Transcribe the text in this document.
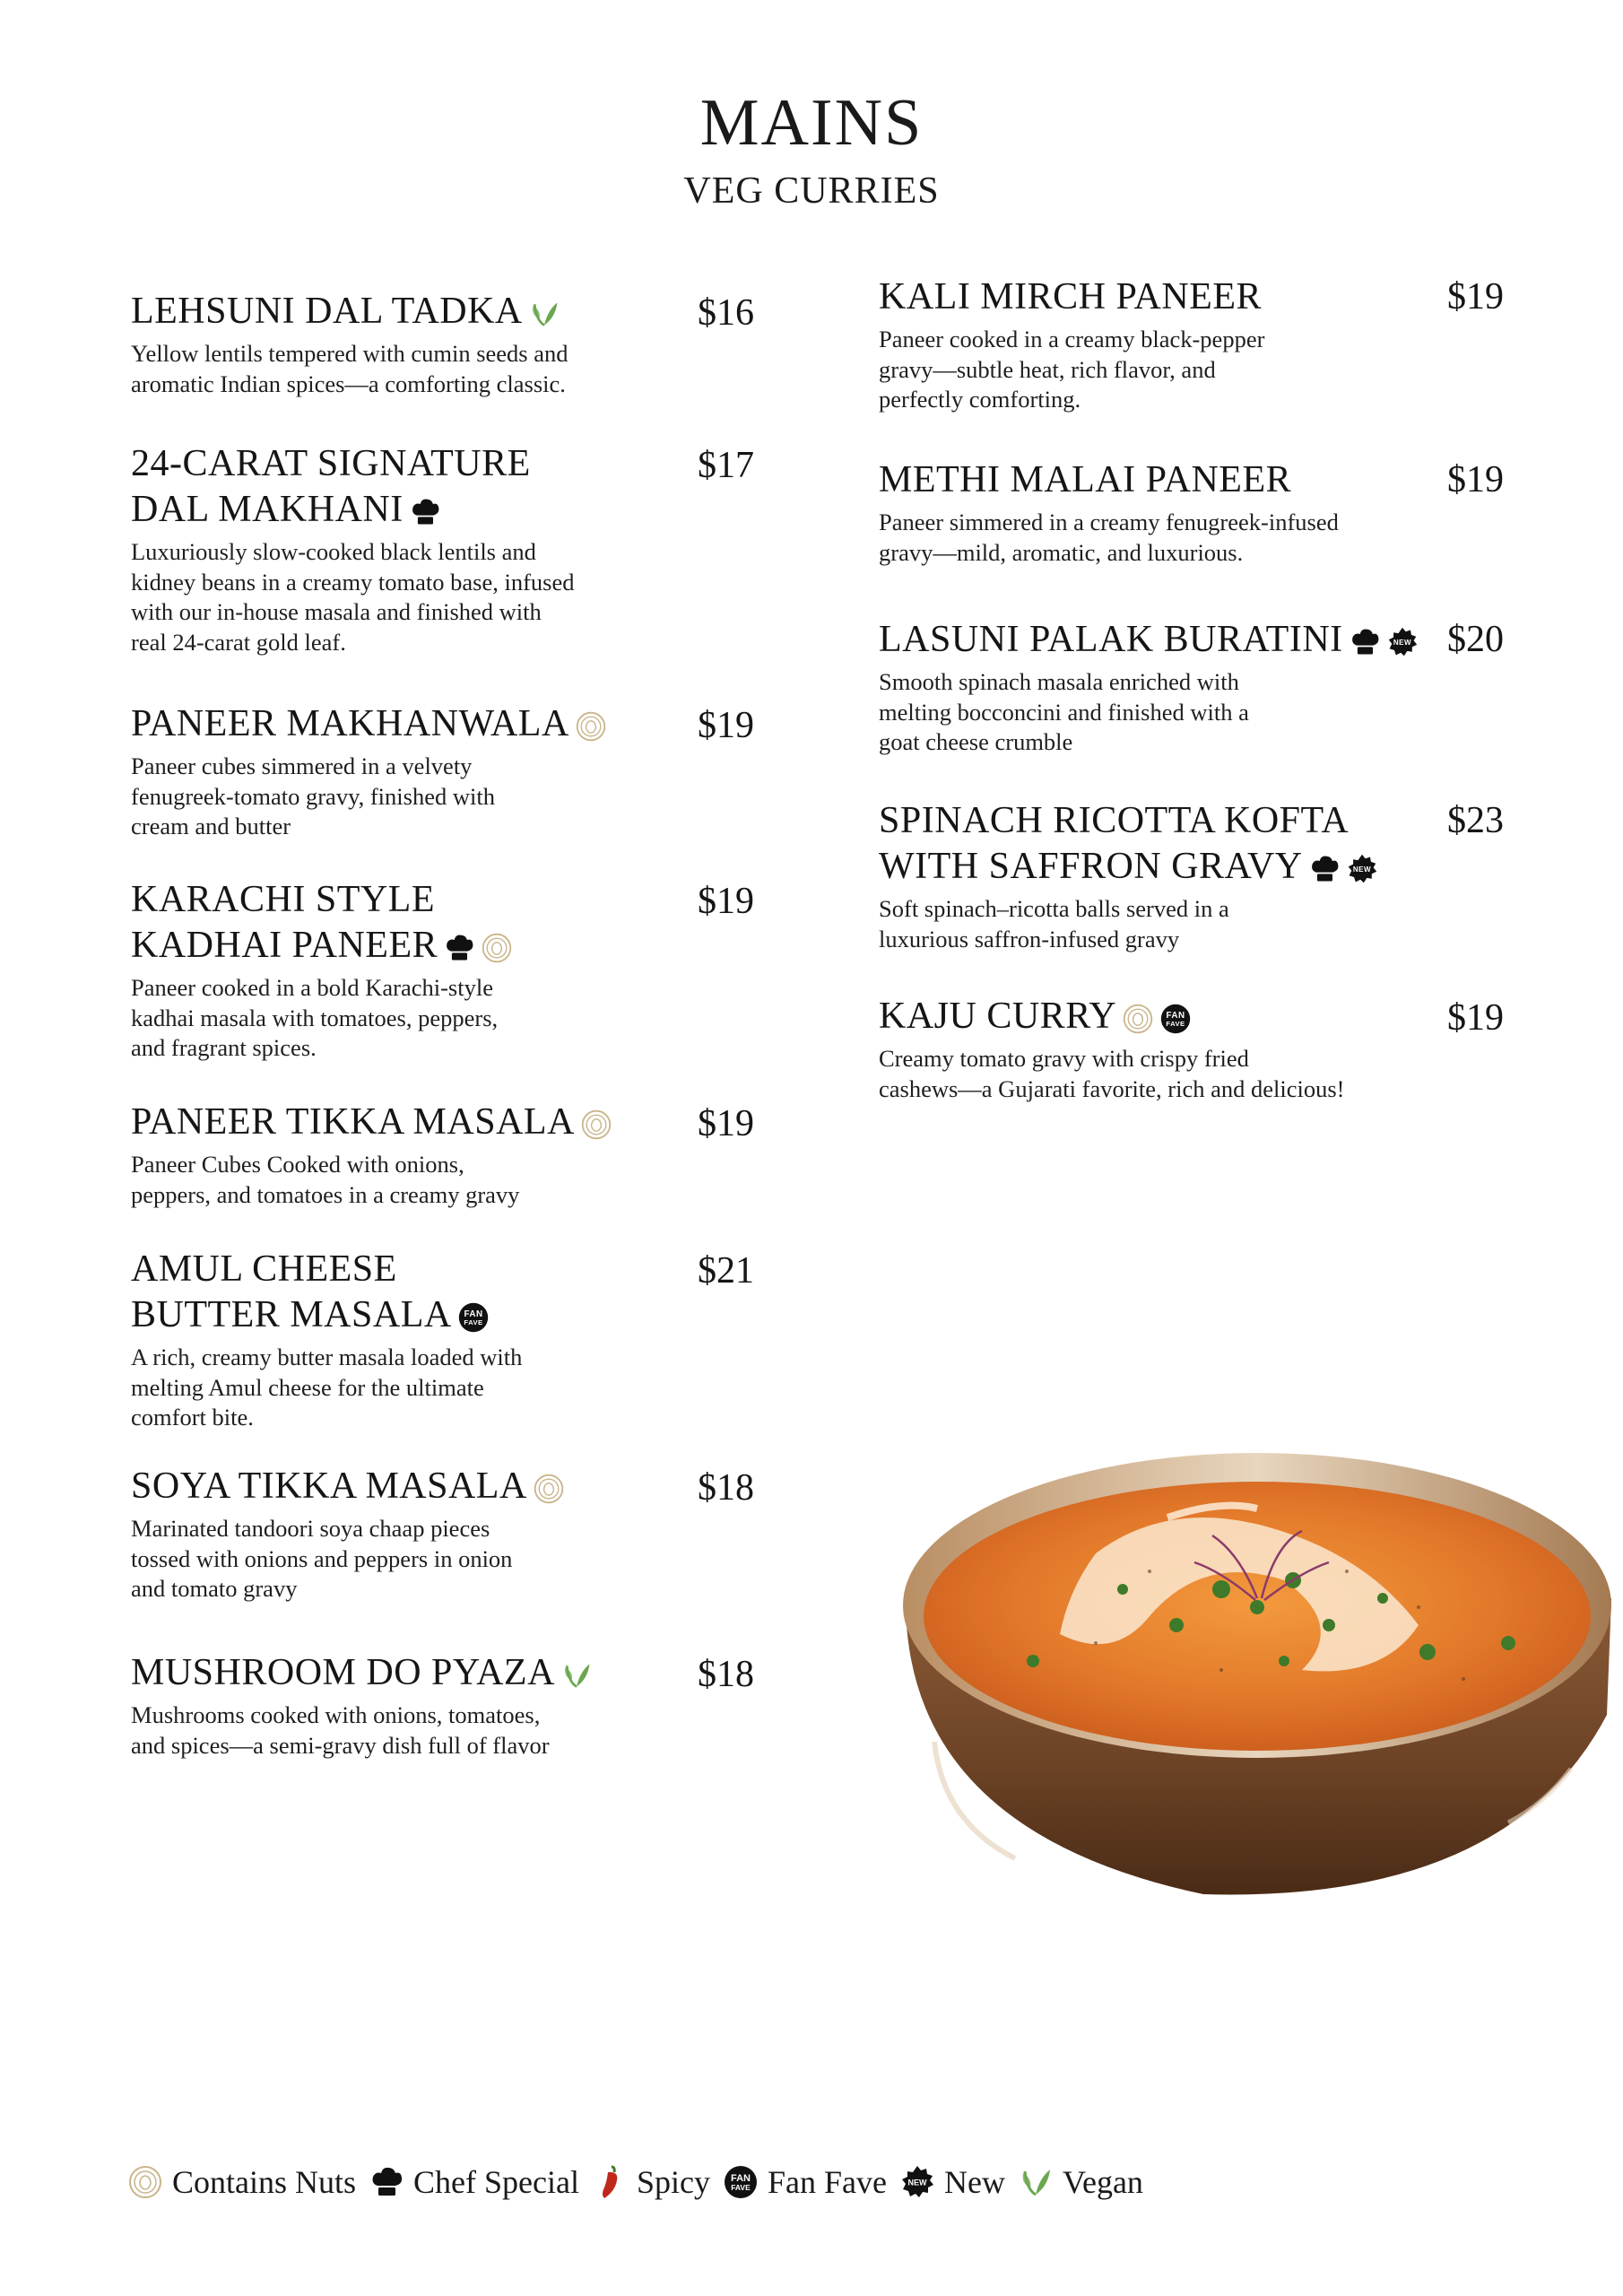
MAINS
VEG CURRIES
LEHSUNI DAL TADKA
Yellow lentils tempered with cumin seeds and
aromatic Indian spices—a comforting classic.
24-CARAT SIGNATURE
DAL MAKHANI
Luxuriously slow-cooked black lentils and
kidney beans in a creamy tomato base, infused
with our in-house masala and finished with
real 24-carat gold leaf.
PANEER MAKHANWALA
Paneer cubes simmered in a velvety
fenugreek-tomato gravy, finished with
cream and butter
KARACHI STYLE
KADHAI PANEER
Paneer cooked in a bold Karachi-style
kadhai masala with tomatoes, peppers,
and fragrant spices.
PANEER TIKKA MASALA
Paneer Cubes Cooked with onions,
peppers, and tomatoes in a creamy gravy
AMUL CHEESE
BUTTER MASALA FAN
FAVE
A rich, creamy butter masala loaded with
melting Amul cheese for the ultimate
comfort bite.
SOYA TIKKA MASALA
Marinated tandoori soya chaap pieces
tossed with onions and peppers in onion
and tomato gravy
MUSHROOM DO PYAZA
Mushrooms cooked with onions, tomatoes,
and spices—a semi-gravy dish full of flavor
$16
$17
$19
$19
$19
$21
$18
$18
KALI MIRCH PANEER
Paneer cooked in a creamy black-pepper
gravy—subtle heat, rich flavor, and
perfectly comforting.
METHI MALAI PANEER
Paneer simmered in a creamy fenugreek-infused
gravy—mild, aromatic, and luxurious.
LASUNI PALAK BURATINI	NEW
Smooth spinach masala enriched with
melting bocconcini and finished with a
goat cheese crumble
SPINACH RICOTTA KOFTA
WITH SAFFRON GRAVY	NEW
Soft spinach–ricotta balls served in a
luxurious saffron-infused gravy
KAJU CURRY	FAN
FAVE
Creamy tomato gravy with crispy fried
cashews—a Gujarati favorite, rich and delicious!
$19
$19
$20
$23
$19
Contains Nuts Chef Special Spicy FAN
FAVE Fan Fave	NEW New Vegan
